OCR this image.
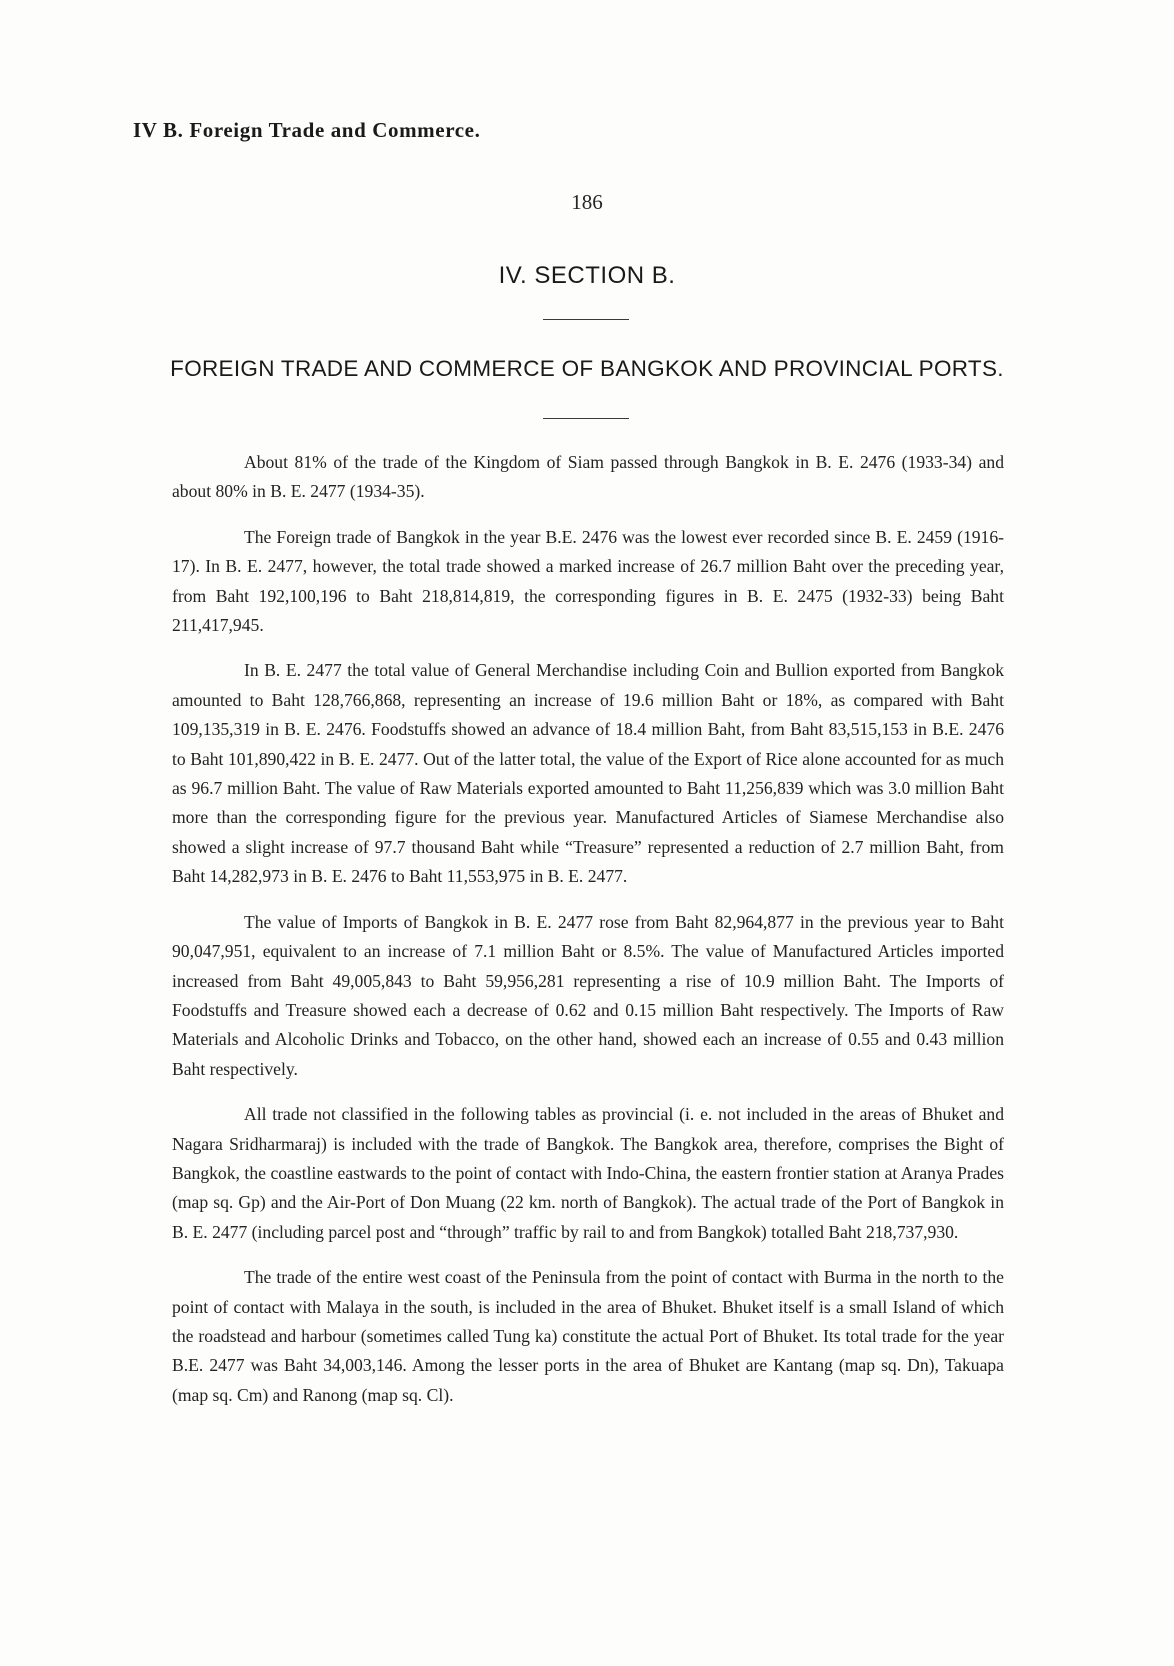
IV B. Foreign Trade and Commerce.
186
IV. SECTION B.
FOREIGN TRADE AND COMMERCE OF BANGKOK AND PROVINCIAL PORTS.

About 81% of the trade of the Kingdom of Siam passed through Bangkok in B. E. 2476 (1933-34) and about 80% in B. E. 2477 (1934-35).

The Foreign trade of Bangkok in the year B.E. 2476 was the lowest ever recorded since B. E. 2459 (1916-17). In B. E. 2477, however, the total trade showed a marked increase of 26.7 million Baht over the preceding year, from Baht 192,100,196 to Baht 218,814,819, the corresponding figures in B. E. 2475 (1932-33) being Baht 211,417,945.

In B. E. 2477 the total value of General Merchandise including Coin and Bullion exported from Bangkok amounted to Baht 128,766,868, representing an increase of 19.6 million Baht or 18%, as compared with Baht 109,135,319 in B. E. 2476. Foodstuffs showed an advance of 18.4 million Baht, from Baht 83,515,153 in B.E. 2476 to Baht 101,890,422 in B. E. 2477. Out of the latter total, the value of the Export of Rice alone accounted for as much as 96.7 million Baht. The value of Raw Materials exported amounted to Baht 11,256,839 which was 3.0 million Baht more than the corresponding figure for the previous year. Manufactured Articles of Siamese Merchandise also showed a slight increase of 97.7 thousand Baht while “Treasure” represented a reduction of 2.7 million Baht, from Baht 14,282,973 in B. E. 2476 to Baht 11,553,975 in B. E. 2477.

The value of Imports of Bangkok in B. E. 2477 rose from Baht 82,964,877 in the previous year to Baht 90,047,951, equivalent to an increase of 7.1 million Baht or 8.5%. The value of Manufactured Articles imported increased from Baht 49,005,843 to Baht 59,956,281 representing a rise of 10.9 million Baht. The Imports of Foodstuffs and Treasure showed each a decrease of 0.62 and 0.15 million Baht respectively. The Imports of Raw Materials and Alcoholic Drinks and Tobacco, on the other hand, showed each an increase of 0.55 and 0.43 million Baht respectively.

All trade not classified in the following tables as provincial (i. e. not included in the areas of Bhuket and Nagara Sridharmaraj) is included with the trade of Bangkok. The Bangkok area, therefore, comprises the Bight of Bangkok, the coastline eastwards to the point of contact with Indo-China, the eastern frontier station at Aranya Prades (map sq. Gp) and the Air-Port of Don Muang (22 km. north of Bangkok). The actual trade of the Port of Bangkok in B. E. 2477 (including parcel post and “through” traffic by rail to and from Bangkok) totalled Baht 218,737,930.

The trade of the entire west coast of the Peninsula from the point of contact with Burma in the north to the point of contact with Malaya in the south, is included in the area of Bhuket. Bhuket itself is a small Island of which the roadstead and harbour (sometimes called Tung ka) constitute the actual Port of Bhuket. Its total trade for the year B.E. 2477 was Baht 34,003,146. Among the lesser ports in the area of Bhuket are Kantang (map sq. Dn), Takuapa (map sq. Cm) and Ranong (map sq. Cl).
